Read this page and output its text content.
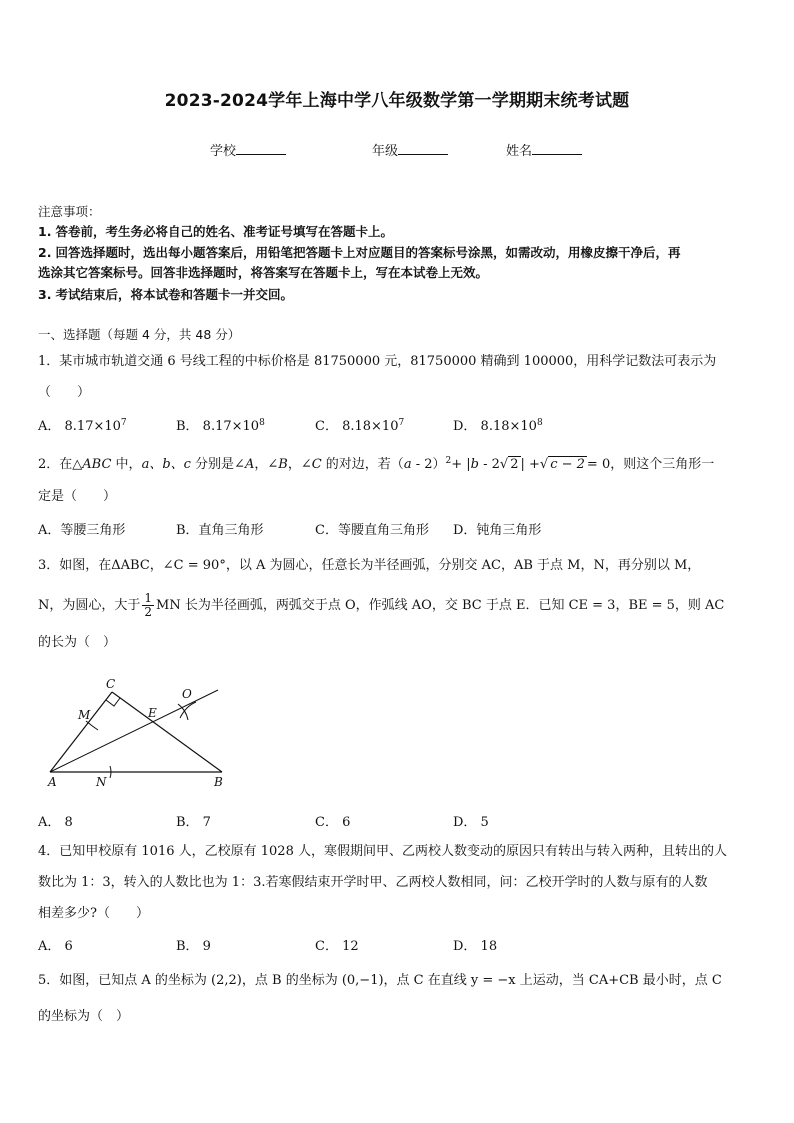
2023-2024学年上海中学八年级数学第一学期期末统考试题
学校	年级	姓名
注意事项：
1. 答卷前，考生务必将自己的姓名、准考证号填写在答题卡上。
2. 回答选择题时，选出每小题答案后，用铅笔把答题卡上对应题目的答案标号涂黑，如需改动，用橡皮擦干净后，再
选涂其它答案标号。回答非选择题时，将答案写在答题卡上，写在本试卷上无效。
3. 考试结束后，将本试卷和答题卡一并交回。
一、选择题（每题 4 分，共 48 分）
1．某市城市轨道交通 6 号线工程的中标价格是 81750000 元，81750000 精确到 100000，用科学记数法可表示为
（　　）
A． $8.17\times 10^7$	B． $8.17\times 10^8$	C． $8.18\times 10^7$	D． $8.18\times 10^8$
2．在△ABC 中，a、b、c 分别是∠A，∠B，∠C 的对边，若（a - 2）$^2$+ |b - 2√ 2 | +√ c − 2 = 0，则这个三角形一
定是（　　）
A．等腰三角形	B．直角三角形	C．等腰直角三角形 D．钝角三角形
3．如图，在ΔABC，∠C = 90°，以 A 为圆心，任意长为半径画弧，分别交 AC，AB 于点 M，N，再分别以 M，
N，为圆心，大于 $\frac{1}{2}$ MN 长为半径画弧，两弧交于点 O，作弧线 AO，交 BC 于点 E．已知 CE = 3，BE = 5，则 AC
的长为（　）
C
M	E
O
A	N	B
A． 8	B． 7	C． 6	D． 5
4．已知甲校原有 1016 人，乙校原有 1028 人，寒假期间甲、乙两校人数变动的原因只有转出与转入两种，且转出的人
数比为 1：3，转入的人数比也为 1：3.若寒假结束开学时甲、乙两校人数相同，问：乙校开学时的人数与原有的人数
相差多少?（　　）
A． 6	B． 9	C． 12	D． 18
5．如图，已知点 A 的坐标为 (2,2)，点 B 的坐标为 (0,−1)，点 C 在直线 y = −x 上运动，当 CA+CB 最小时，点 C
的坐标为（　）
